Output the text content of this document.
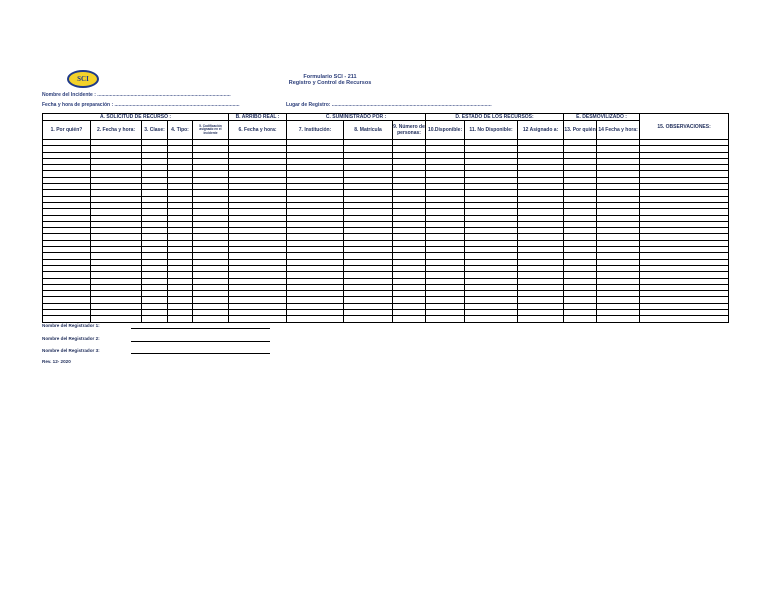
SCI	Formulario SCI - 211
Registro y Control de Recursos
Nombre del Incidente : ................................................................................................
Fecha y hora de preparación : ..........................................................................................	Lugar de Registro: ...................................................................................................................
A. SOLICITUD DE RECURSO :					B. ARRIBO REAL :	C. SUMINISTRADO POR :			D. ESTADO DE LOS RECURSOS:			E. DESMOVILIZADO :		15. OBSERVACIONES:
1. Por quién?	2. Fecha y hora:	3. Clase:	4. Tipo:	5. Codificación asignado en el incidente	6. Fecha y hora:	7. Institución:	8. Matrícula	9. Número de personas:	10.Disponible:	11. No Disponible:	12 Asignado a:	13. Por quién	14 Fecha y hora:	

Nombre del Registrador 1:
Nombre del Registrador 2:
Nombre del Registrador 3:
Rev. 12- 2020
